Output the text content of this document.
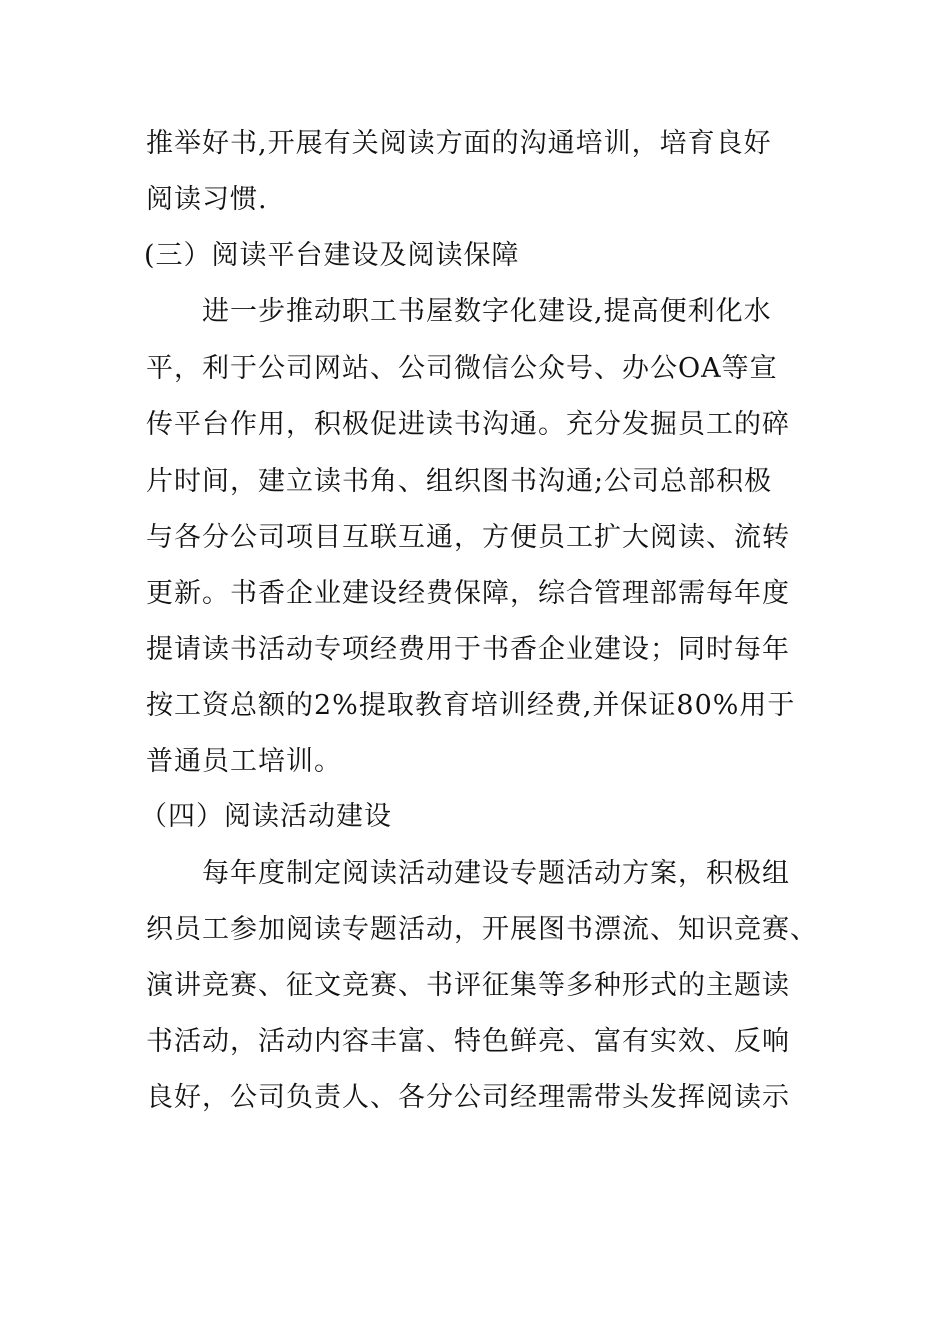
推举好书,开展有关阅读方面的沟通培训，培育良好
阅读习惯.
(三）阅读平台建设及阅读保障
进一步推动职工书屋数字化建设,提高便利化水
平，利于公司网站、公司微信公众号、办公OA等宣
传平台作用，积极促进读书沟通。充分发掘员工的碎
片时间，建立读书角、组织图书沟通;公司总部积极
与各分公司项目互联互通，方便员工扩大阅读、流转
更新。书香企业建设经费保障，综合管理部需每年度
提请读书活动专项经费用于书香企业建设；同时每年
按工资总额的2%提取教育培训经费,并保证80%用于
普通员工培训。
（四）阅读活动建设
每年度制定阅读活动建设专题活动方案，积极组
织员工参加阅读专题活动，开展图书漂流、知识竞赛、
演讲竞赛、征文竞赛、书评征集等多种形式的主题读
书活动，活动内容丰富、特色鲜亮、富有实效、反响
良好，公司负责人、各分公司经理需带头发挥阅读示
